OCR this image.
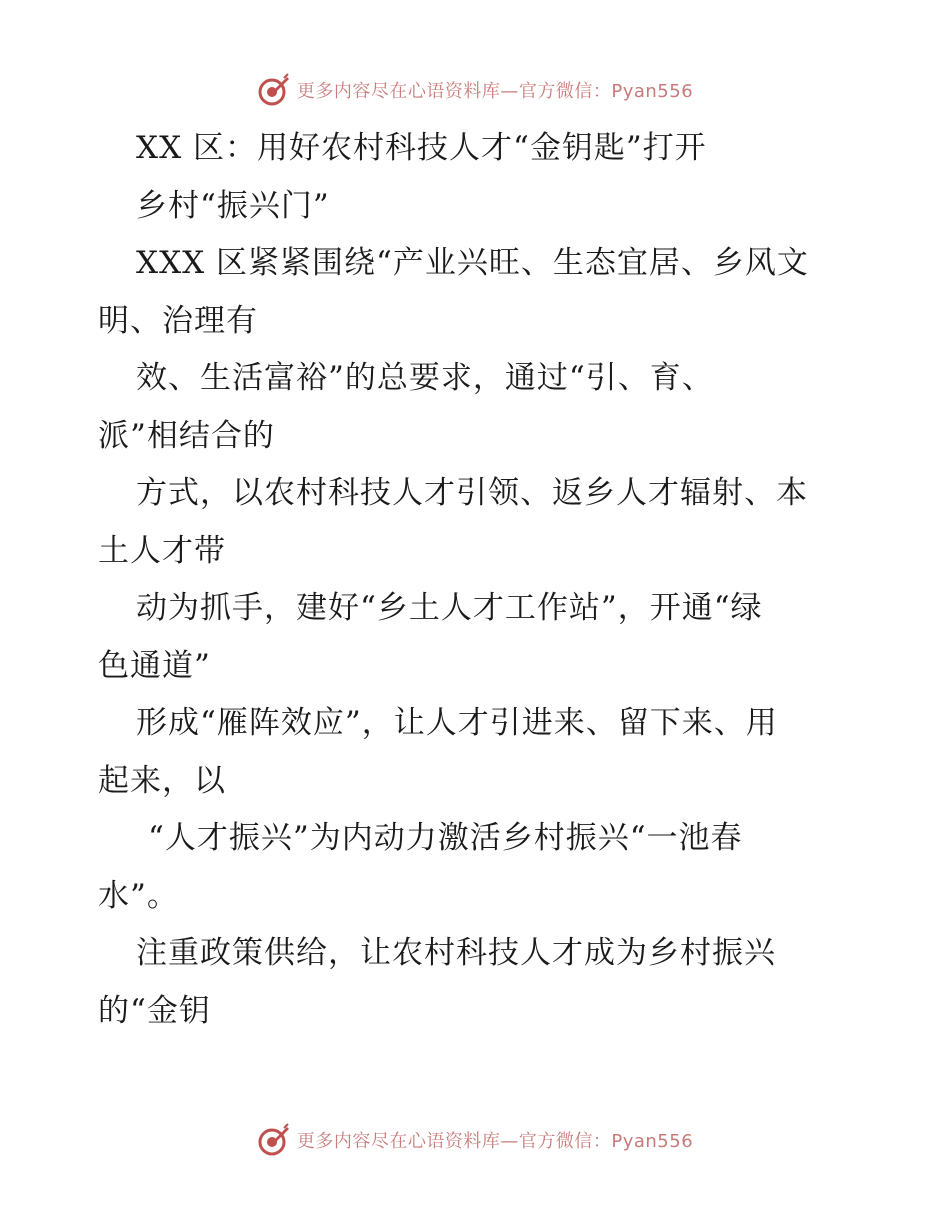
更多内容尽在心语资料库—官方微信：Pyan556
XX 区：用好农村科技人才“金钥匙”打开
乡村“振兴门”
XXX 区紧紧围绕“产业兴旺、生态宜居、乡风文
明、治理有
效、生活富裕”的总要求，通过“引、育、
派”相结合的
方式，以农村科技人才引领、返乡人才辐射、本
土人才带
动为抓手，建好“乡土人才工作站”，开通“绿
色通道”
形成“雁阵效应”，让人才引进来、留下来、用
起来，以
“人才振兴”为内动力激活乡村振兴“一池春
水”。
注重政策供给，让农村科技人才成为乡村振兴
的“金钥
更多内容尽在心语资料库—官方微信：Pyan556
